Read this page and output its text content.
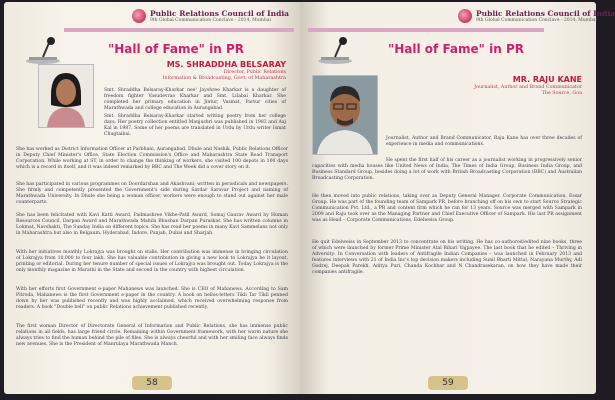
Public Relations Council of India
9th Global Communication Conclave - 2014, Mumbai
"Hall of Fame" in PR
MS. SHRADDHA BELSARAY
Director, Public Relations
Information & Broadcasting, Govt. of Maharashtra

Smt. Shraddha Belsaray-Kharkar nee' Jayshree Kharkar is a daughter of freedom fighter Vasudevrao Kharkar and Smt. Lilabai Kharkar. She completed her primary education in Jintur, Vasmat, Partur cities of Marathwada and college education in Aurangabad.

Smt. Shraddha Belsaray-Kharkar started writing poetry from her college days. Her poetry collection entitled Manjushri was published in 1983 and Aaj Kal in 1987. Some of her poems are translated in Urdu by Urdu writer Ismat Chugtaibai.

She has worked as District Information Officer at Parbhani, Aurangabad, Dhule and Nashik, Public Relations Officer in Deputy Chief Minister's Office, State Election Commission's Office and Maharashtra State Road Transport Corporation. While working at ST, in order to change the thinking of workers, she visited 100 depots in 100 days which is a record in itself, and it was indeed remarked by BBC and The Week did a cover story on it.

She has participated in various programmes on Doordarshan and Akashvani; written in periodicals and newspapers. She firmly and competently presented the Government's side during Sardar Sarovar Project and naming of Marathwada University. In Dhule she being a woman officer, workers were enough to stand out against her male counterparts.

She has been felicitated with Kavi Katti Award, Padmashree Vikhe-Patil Award, Somaj Gaurav Award by Human Resources Council, Darpan Award and Marathwada Mahila Bhushan Darpan Puraskar. She has written columns in Lokmat, Navshakti, The Sunday India on different topics. She has read her poems in many Kavi Sammelans not only in Maharashtra but also in Belgaum, Hyderabad, Indore, Panjab, Dubai and Sharjah.

With her initiatives monthly Lokrajya was brought on stalls. Her contribution was immense in bringing circulation of Lokrajya from 10,000 to four lakh. She has valuable contribution in giving a new look to Lokrajya be it layout, printing or editorial. During her tenure number of special issues of Lokrajya was brought out. Today Lokrajya is the only monthly magazine in Marathi in the State and second in the country with highest circulation.

With her efforts first Government e-paper Mahanews was launched. She is CEO of Mahanews. According to Sam Pitroda, Mahanews is the first Government e-paper in the country. A book on hellos-letters Tikli Tar Tikli penned down by her was published recently and was highly acclaimed, which received overwhelming response from readers. A book "Double bell" on public Relations achievement published recently.

The first woman Director of Directorate General of Information and Public Relations, she has immense public relations in all fields, has large friend circle. Remaining within Government framework, with her warm nature she always tries to find the human behind the pile of files. She is always cheerful and with her smiling face always finds new avenues. She is the President of Manrulaya Marathwada Manch.

58
Public Relations Council of India
9th Global Communication Conclave - 2014, Mumbai
"Hall of Fame" in PR
MR. RAJU KANE
Journalist, Author and Brand Communicator
The Source, Goa

Journalist, Author and Brand Communicator, Raju Kane has over three decades of experience in media and communications.

He spent the first half of his career as a journalist working in progressively senior capacities with media houses like United News of India, The Times of India Group, Business India Group, and Business Standard Group, besides doing a lot of work with British Broadcasting Corporation (BBC) and Australian Broadcasting Corporation.

He then moved into public relations, taking over as Deputy General Manager, Corporate Communication, Essar Group. He was part of the founding team of Sampark PR, before branching off on his own to start Source Strategic Communication Pvt. Ltd., a PR and content firm which he ran for 13 years. Source was merged with Sampark in 2009 and Raju took over as the Managing Partner and Chief Executive Officer of Sampark. His last PR assignment was as Head – Corporate Communications, Edelweiss Group.

He quit Edelweiss in September 2013 to concentrate on his writing. He has co-authored/edited nine books, three of which were launched by former Prime Minister Atal Bihari Vajpayee. The last book that he edited – Thriving in Adversity: In Conversation with leaders of Antifragile Indian Companies – was launched in February 2013 and features interviews with 21 of India Inc's top decision makers including Sunil Bharti Mittal, Narayana Murthy, Adi Godrej, Deepak Parekh, Aditya Puri, Chanda Kochhar and N Chandrasekaran, on how they have made their companies antifragile.

59
